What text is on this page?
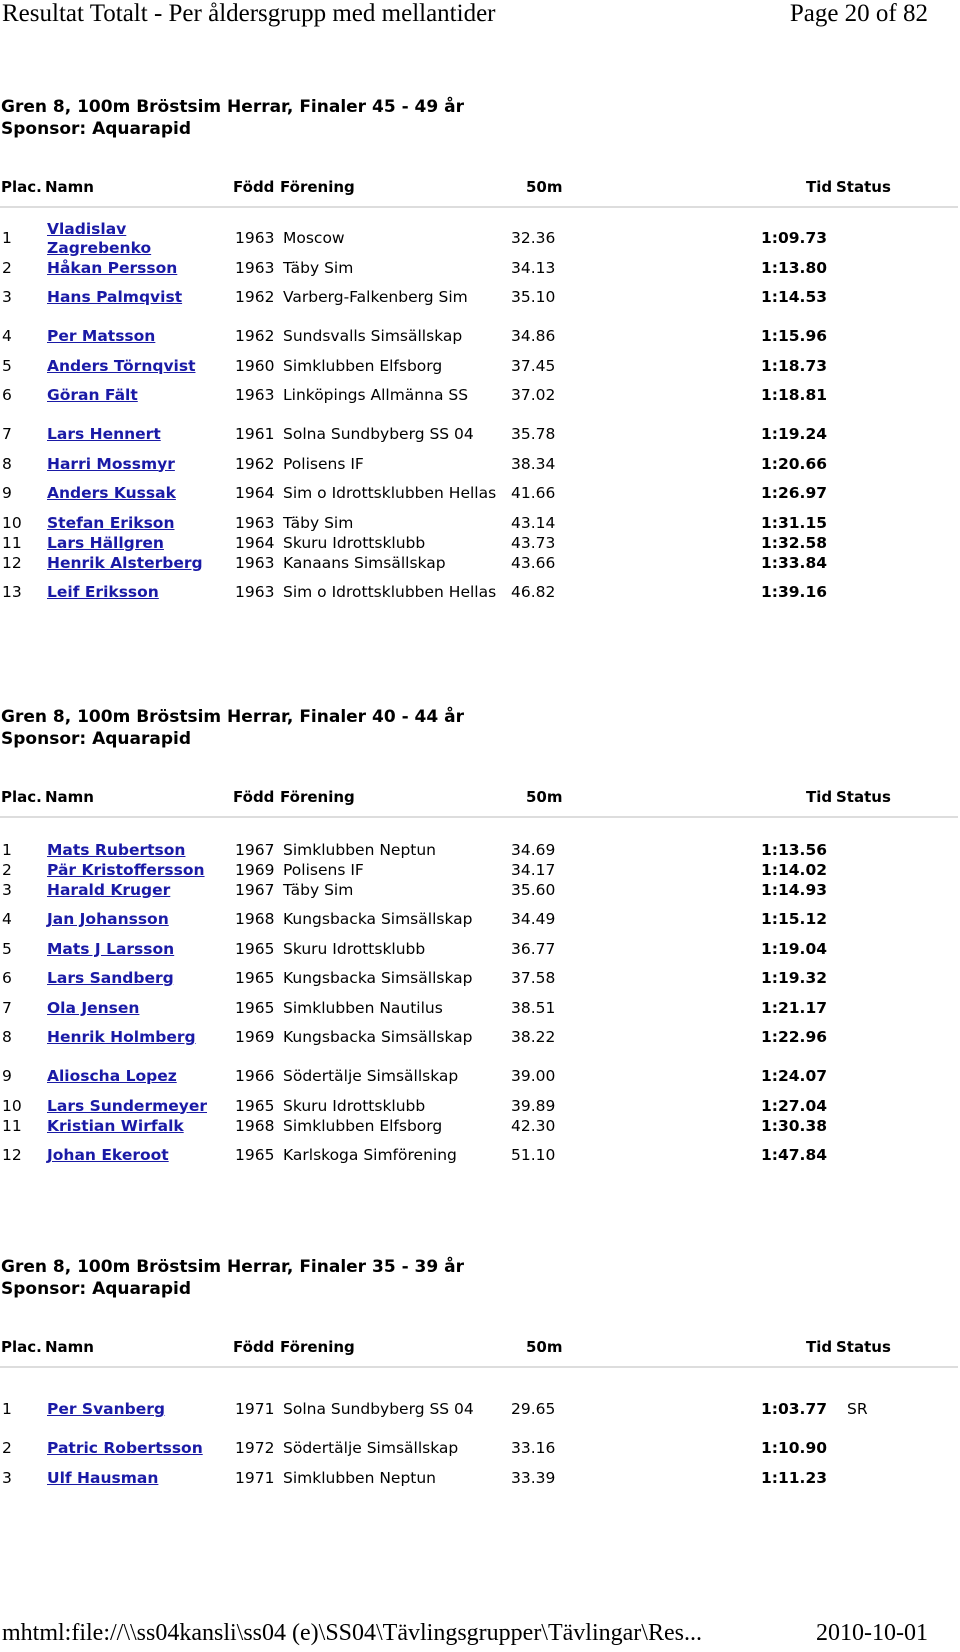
Resultat Totalt - Per åldersgrupp med mellantider	Page 20 of 82
Gren 8, 100m Bröstsim Herrar, Finaler 45 - 49 år
Sponsor: Aquarapid
Plac. Namn	Född Förening	50m	Tid Status
1	Vladislav Zagrebenko	1963	Moscow	32.36	1:09.73	
2	Håkan Persson	1963	Täby Sim	34.13	1:13.80	
3	Hans Palmqvist	1962	Varberg-Falkenberg Sim	35.10	1:14.53	
4	Per Matsson	1962	Sundsvalls Simsällskap	34.86	1:15.96	
5	Anders Törnqvist	1960	Simklubben Elfsborg	37.45	1:18.73	
6	Göran Fält	1963	Linköpings Allmänna SS	37.02	1:18.81	
7	Lars Hennert	1961	Solna Sundbyberg SS 04	35.78	1:19.24	
8	Harri Mossmyr	1962	Polisens IF	38.34	1:20.66	
9	Anders Kussak	1964	Sim o Idrottsklubben Hellas	41.66	1:26.97	
10	Stefan Erikson	1963	Täby Sim	43.14	1:31.15	
11	Lars Hällgren	1964	Skuru Idrottsklubb	43.73	1:32.58	
12	Henrik Alsterberg	1963	Kanaans Simsällskap	43.66	1:33.84	
13	Leif Eriksson	1963	Sim o Idrottsklubben Hellas	46.82	1:39.16	
Gren 8, 100m Bröstsim Herrar, Finaler 40 - 44 år
Sponsor: Aquarapid
Plac. Namn	Född Förening	50m	Tid Status
1	Mats Rubertson	1967	Simklubben Neptun	34.69	1:13.56	
2	Pär Kristoffersson	1969	Polisens IF	34.17	1:14.02	
3	Harald Kruger	1967	Täby Sim	35.60	1:14.93	
4	Jan Johansson	1968	Kungsbacka Simsällskap	34.49	1:15.12	
5	Mats J Larsson	1965	Skuru Idrottsklubb	36.77	1:19.04	
6	Lars Sandberg	1965	Kungsbacka Simsällskap	37.58	1:19.32	
7	Ola Jensen	1965	Simklubben Nautilus	38.51	1:21.17	
8	Henrik Holmberg	1969	Kungsbacka Simsällskap	38.22	1:22.96	
9	Alioscha Lopez	1966	Södertälje Simsällskap	39.00	1:24.07	
10	Lars Sundermeyer	1965	Skuru Idrottsklubb	39.89	1:27.04	
11	Kristian Wirfalk	1968	Simklubben Elfsborg	42.30	1:30.38	
12	Johan Ekeroot	1965	Karlskoga Simförening	51.10	1:47.84	
Gren 8, 100m Bröstsim Herrar, Finaler 35 - 39 år
Sponsor: Aquarapid
Plac. Namn	Född Förening	50m	Tid Status
1	Per Svanberg	1971	Solna Sundbyberg SS 04	29.65	1:03.77	SR
2	Patric Robertsson	1972	Södertälje Simsällskap	33.16	1:10.90	
3	Ulf Hausman	1971	Simklubben Neptun	33.39	1:11.23	
mhtml:file://\\ss04kansli\ss04 (e)\SS04\Tävlingsgrupper\Tävlingar\Res...	2010-10-01
